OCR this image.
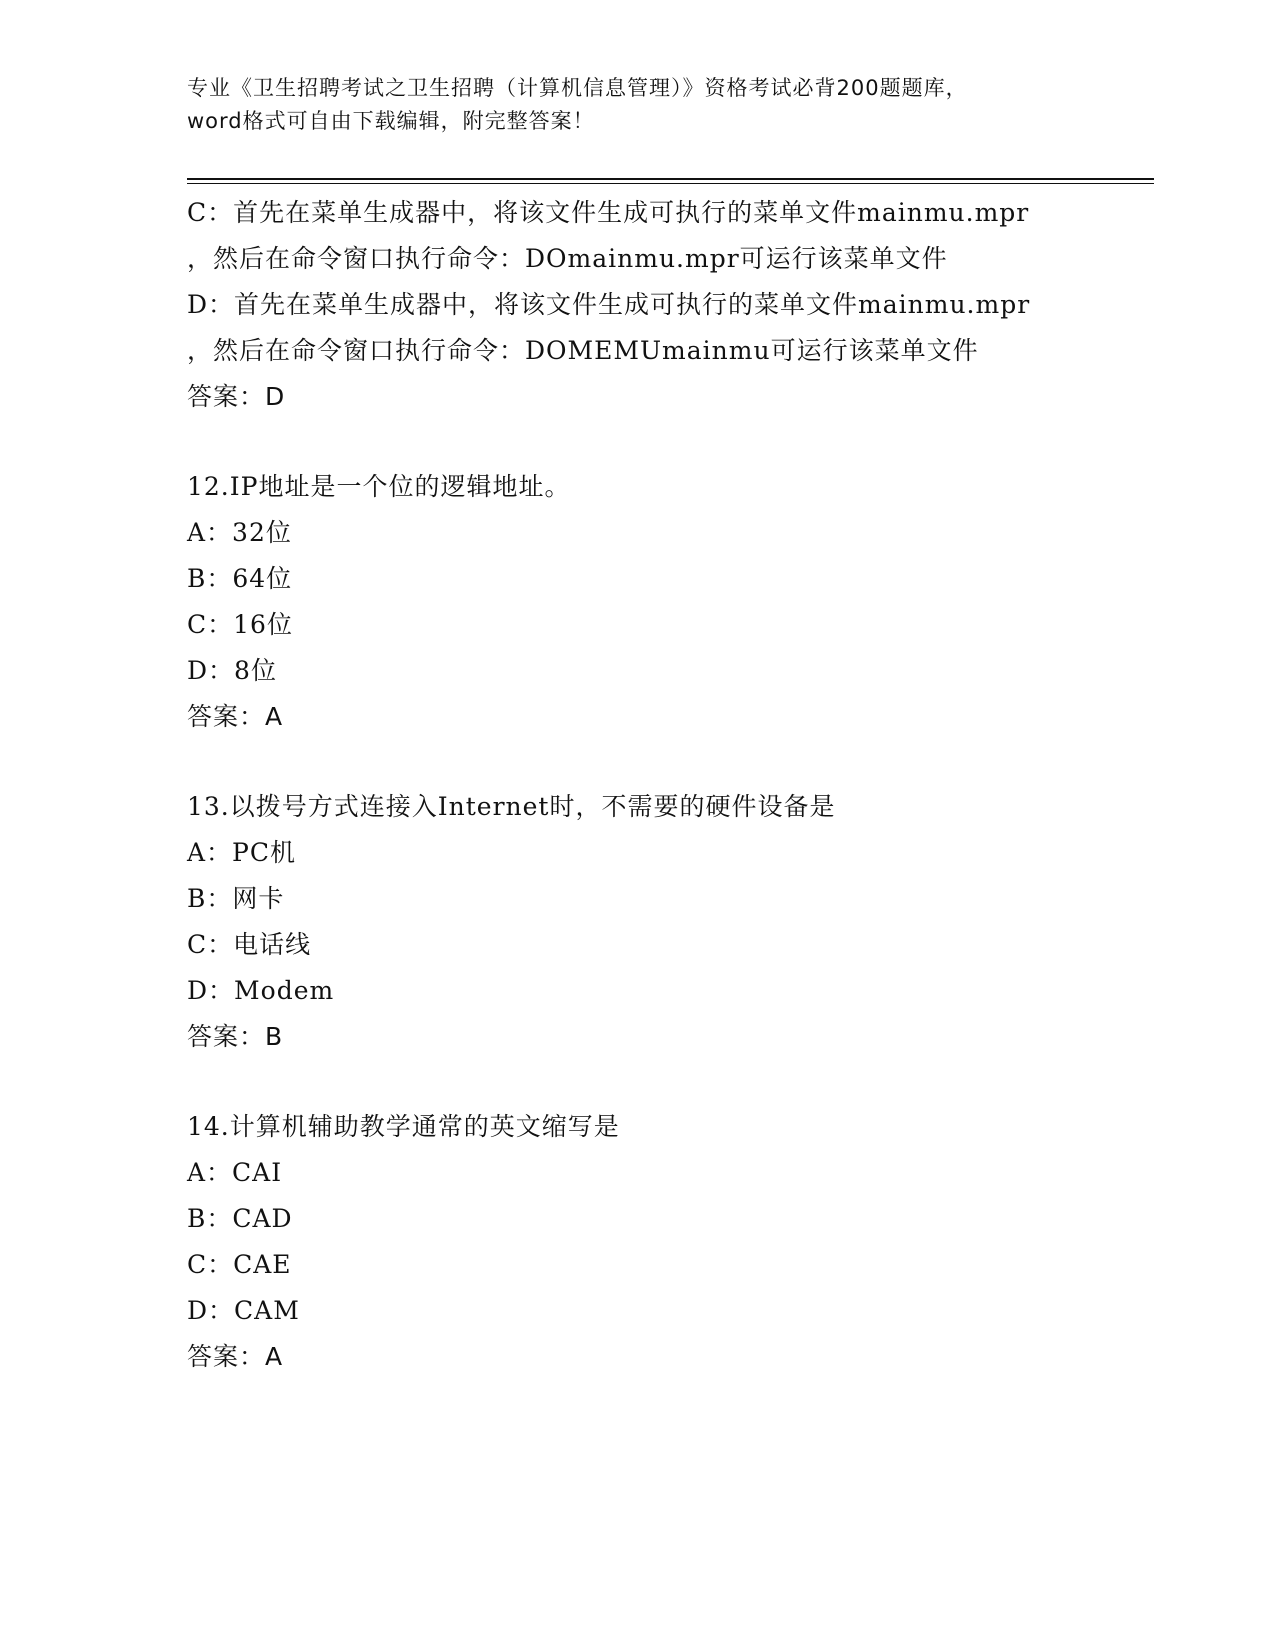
专业《卫生招聘考试之卫生招聘（计算机信息管理）》资格考试必背200题题库，
word格式可自由下载编辑，附完整答案！
C：首先在菜单生成器中，将该文件生成可执行的菜单文件mainmu.mpr
，然后在命令窗口执行命令：DOmainmu.mpr可运行该菜单文件
D：首先在菜单生成器中，将该文件生成可执行的菜单文件mainmu.mpr
，然后在命令窗口执行命令：DOMEMUmainmu可运行该菜单文件
答案：D
12.IP地址是一个位的逻辑地址。
A：32位
B：64位
C：16位
D：8位
答案：A
13.以拨号方式连接入Internet时，不需要的硬件设备是
A：PC机
B：网卡
C：电话线
D：Modem
答案：B
14.计算机辅助教学通常的英文缩写是
A：CAI
B：CAD
C：CAE
D：CAM
答案：A
